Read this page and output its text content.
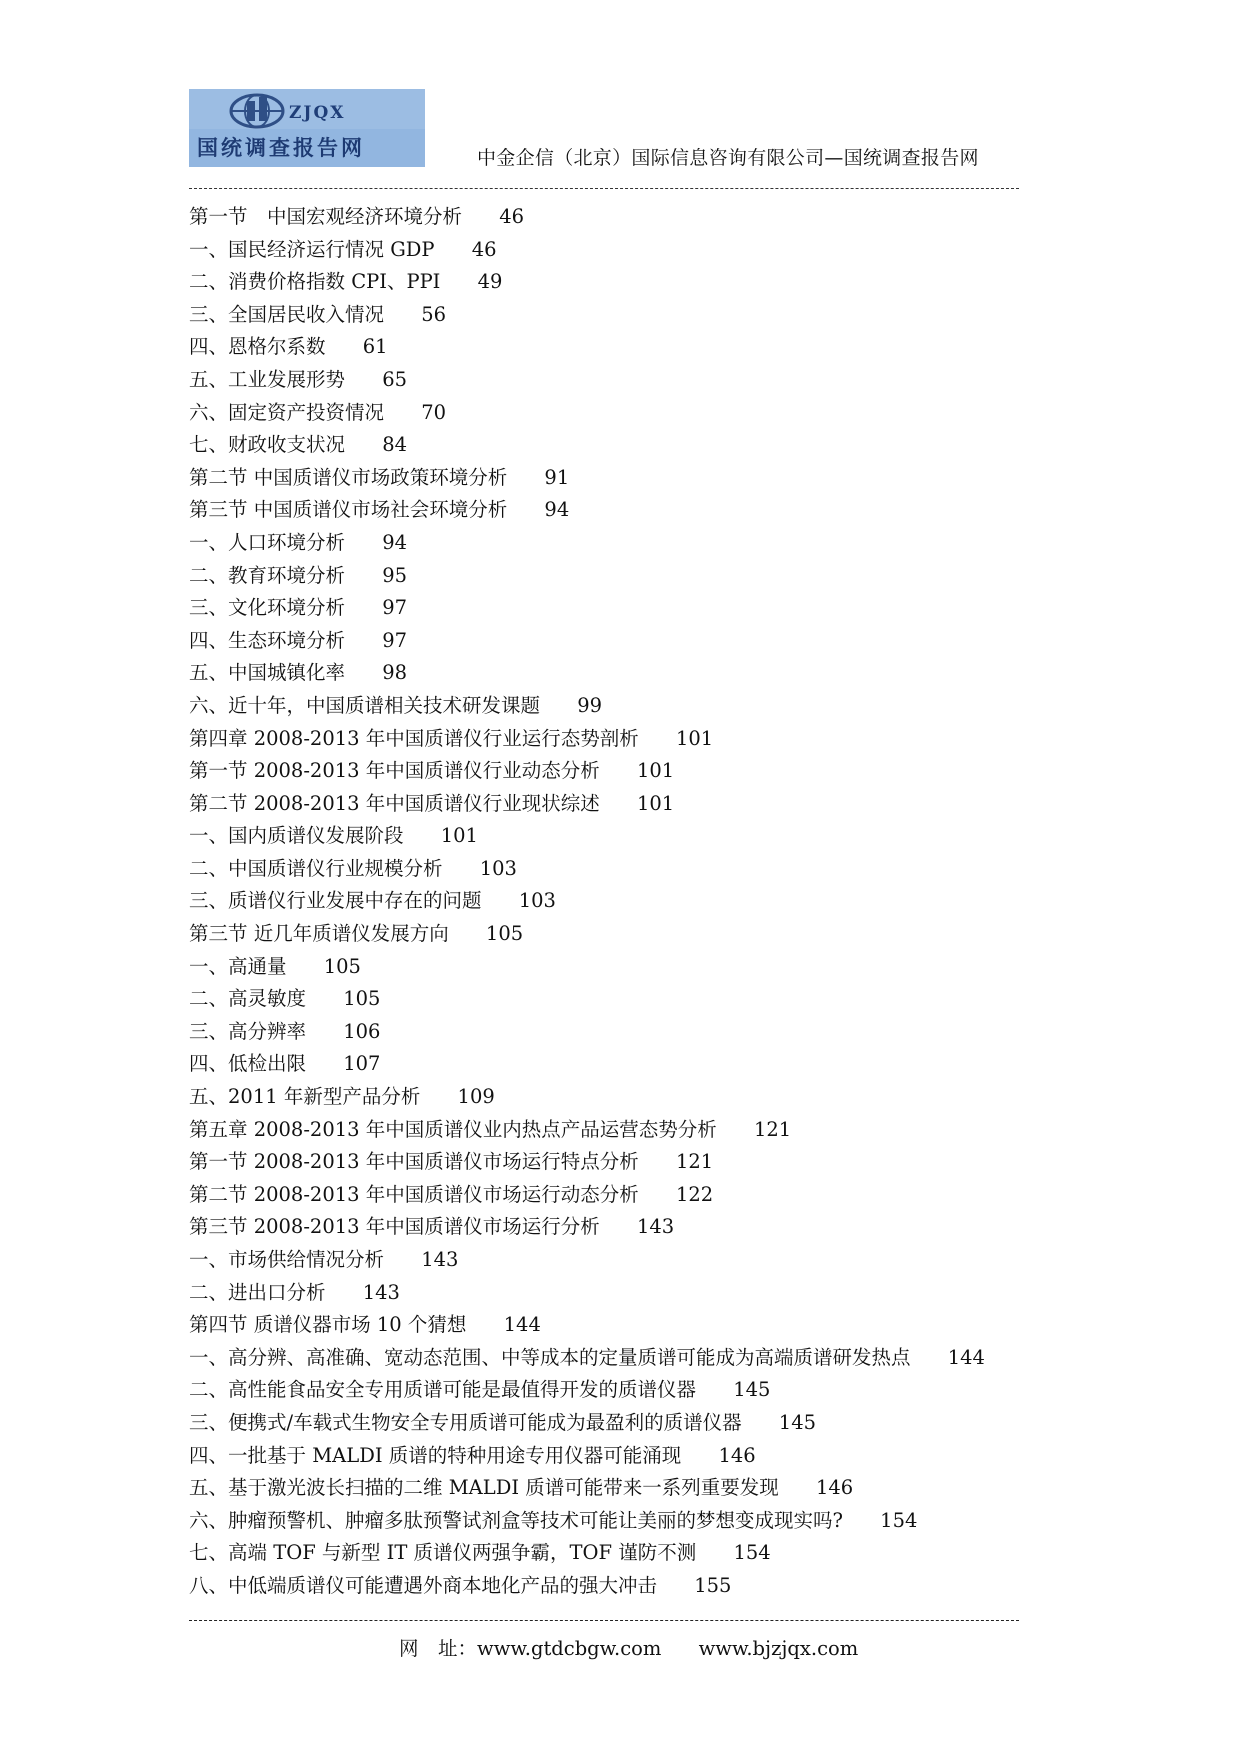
ZJQX
国统调查报告网	中金企信（北京）国际信息咨询有限公司—国统调查报告网
第一节　中国宏观经济环境分析 46
一、国民经济运行情况 GDP 46
二、消费价格指数 CPI、PPI 49
三、全国居民收入情况 56
四、恩格尔系数 61
五、工业发展形势 65
六、固定资产投资情况 70
七、财政收支状况 84
第二节 中国质谱仪市场政策环境分析 91
第三节 中国质谱仪市场社会环境分析 94
一、人口环境分析 94
二、教育环境分析 95
三、文化环境分析 97
四、生态环境分析 97
五、中国城镇化率 98
六、近十年，中国质谱相关技术研发课题 99
第四章 2008-2013 年中国质谱仪行业运行态势剖析 101
第一节 2008-2013 年中国质谱仪行业动态分析 101
第二节 2008-2013 年中国质谱仪行业现状综述 101
一、国内质谱仪发展阶段 101
二、中国质谱仪行业规模分析 103
三、质谱仪行业发展中存在的问题 103
第三节 近几年质谱仪发展方向 105
一、高通量 105
二、高灵敏度 105
三、高分辨率 106
四、低检出限 107
五、2011 年新型产品分析 109
第五章 2008-2013 年中国质谱仪业内热点产品运营态势分析 121
第一节 2008-2013 年中国质谱仪市场运行特点分析 121
第二节 2008-2013 年中国质谱仪市场运行动态分析 122
第三节 2008-2013 年中国质谱仪市场运行分析 143
一、市场供给情况分析 143
二、进出口分析 143
第四节 质谱仪器市场 10 个猜想 144
一、高分辨、高准确、宽动态范围、中等成本的定量质谱可能成为高端质谱研发热点 144
二、高性能食品安全专用质谱可能是最值得开发的质谱仪器 145
三、便携式/车载式生物安全专用质谱可能成为最盈利的质谱仪器 145
四、一批基于 MALDI 质谱的特种用途专用仪器可能涌现 146
五、基于激光波长扫描的二维 MALDI 质谱可能带来一系列重要发现 146
六、肿瘤预警机、肿瘤多肽预警试剂盒等技术可能让美丽的梦想变成现实吗? 154
七、高端 TOF 与新型 IT 质谱仪两强争霸，TOF 谨防不测 154
八、中低端质谱仪可能遭遇外商本地化产品的强大冲击 155
网　址：www.gtdcbgw.com www.bjzjqx.com
